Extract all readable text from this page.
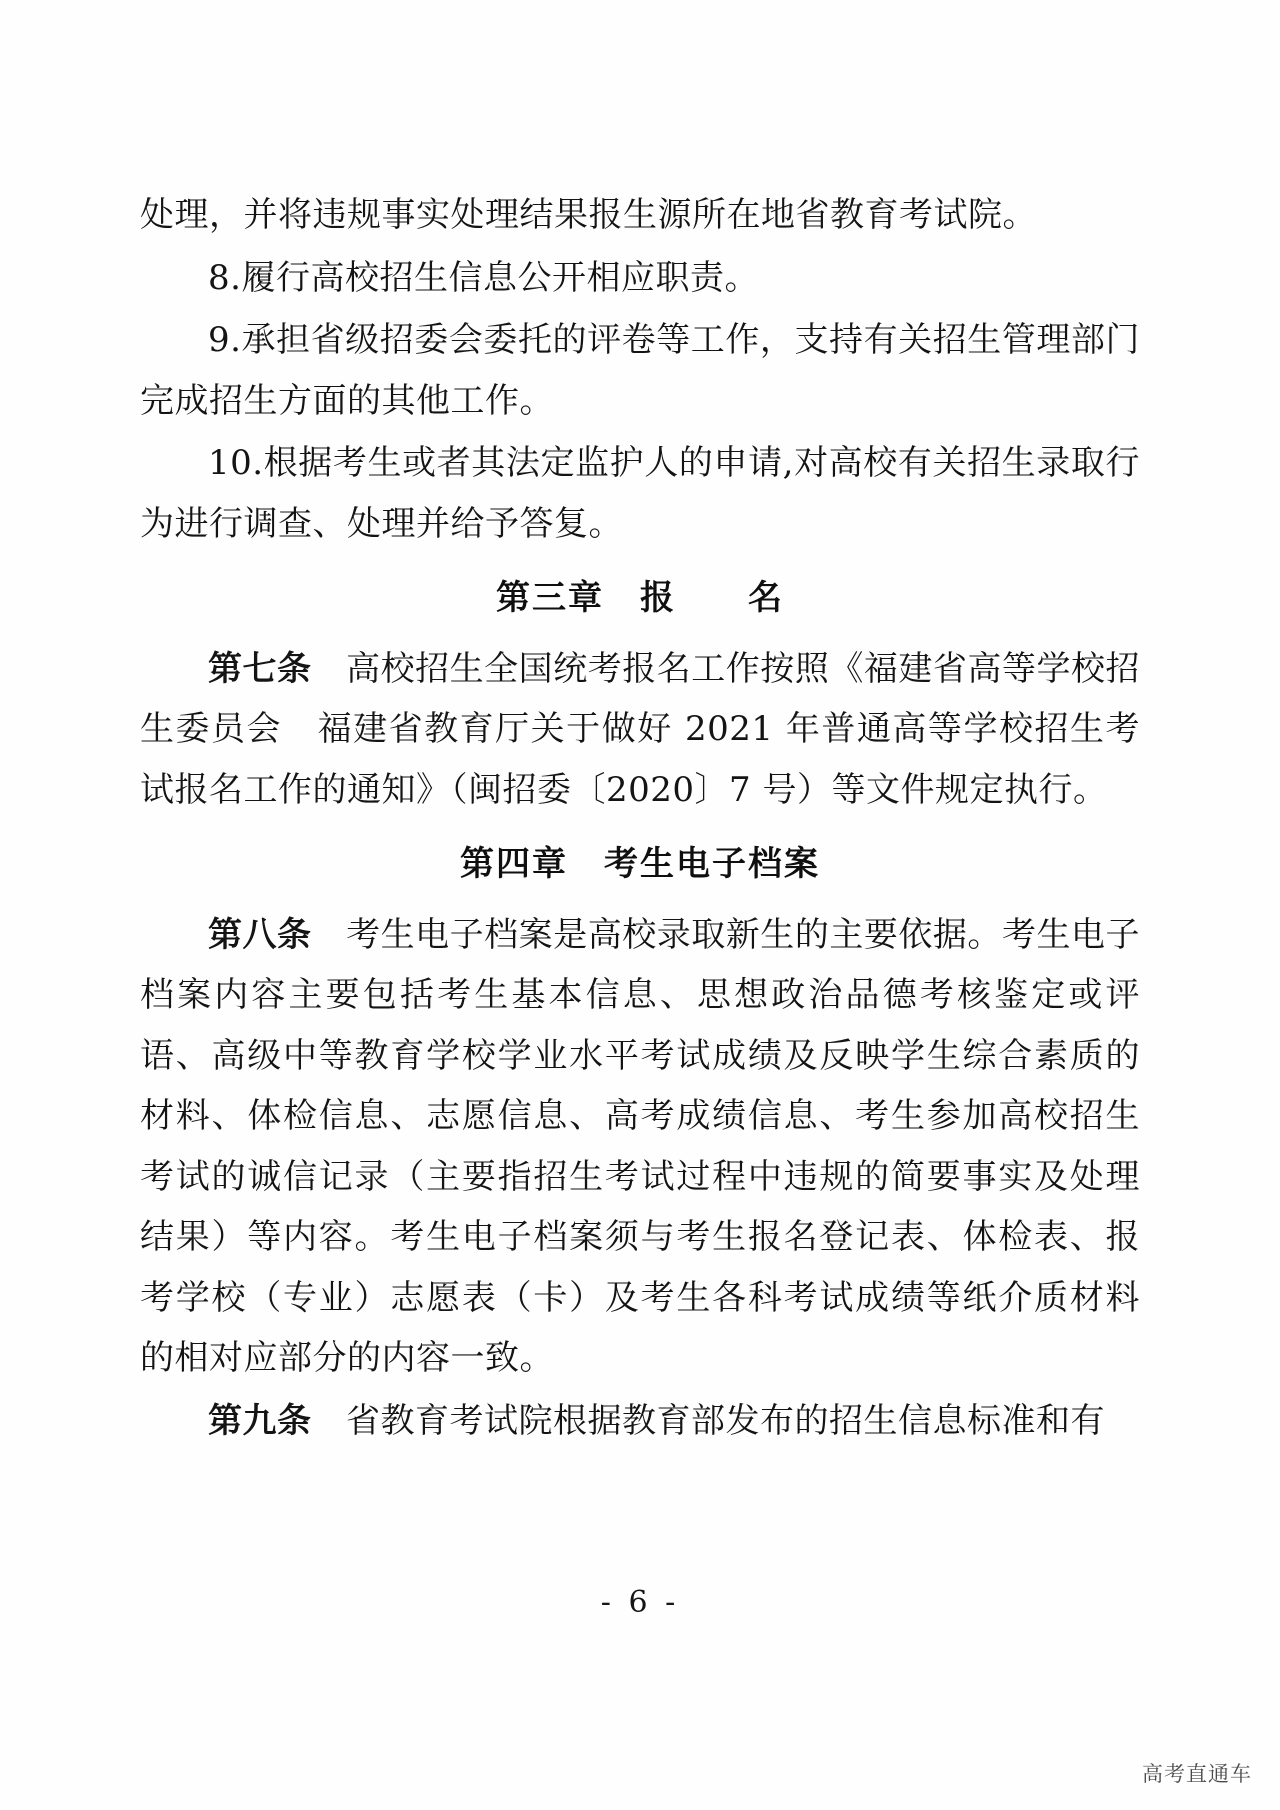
处理，并将违规事实处理结果报生源所在地省教育考试院。

8.履行高校招生信息公开相应职责。

9.承担省级招委会委托的评卷等工作，支持有关招生管理部门完成招生方面的其他工作。

10.根据考生或者其法定监护人的申请,对高校有关招生录取行为进行调查、处理并给予答复。

第三章　报　　名

第七条　高校招生全国统考报名工作按照《福建省高等学校招生委员会　福建省教育厅关于做好 2021 年普通高等学校招生考试报名工作的通知》（闽招委〔2020〕7 号）等文件规定执行。

第四章　考生电子档案

第八条　考生电子档案是高校录取新生的主要依据。考生电子档案内容主要包括考生基本信息、思想政治品德考核鉴定或评语、高级中等教育学校学业水平考试成绩及反映学生综合素质的材料、体检信息、志愿信息、高考成绩信息、考生参加高校招生考试的诚信记录（主要指招生考试过程中违规的简要事实及处理结果）等内容。考生电子档案须与考生报名登记表、体检表、报考学校（专业）志愿表（卡）及考生各科考试成绩等纸介质材料的相对应部分的内容一致。

第九条　省教育考试院根据教育部发布的招生信息标准和有

- 6 -
高考直通车
